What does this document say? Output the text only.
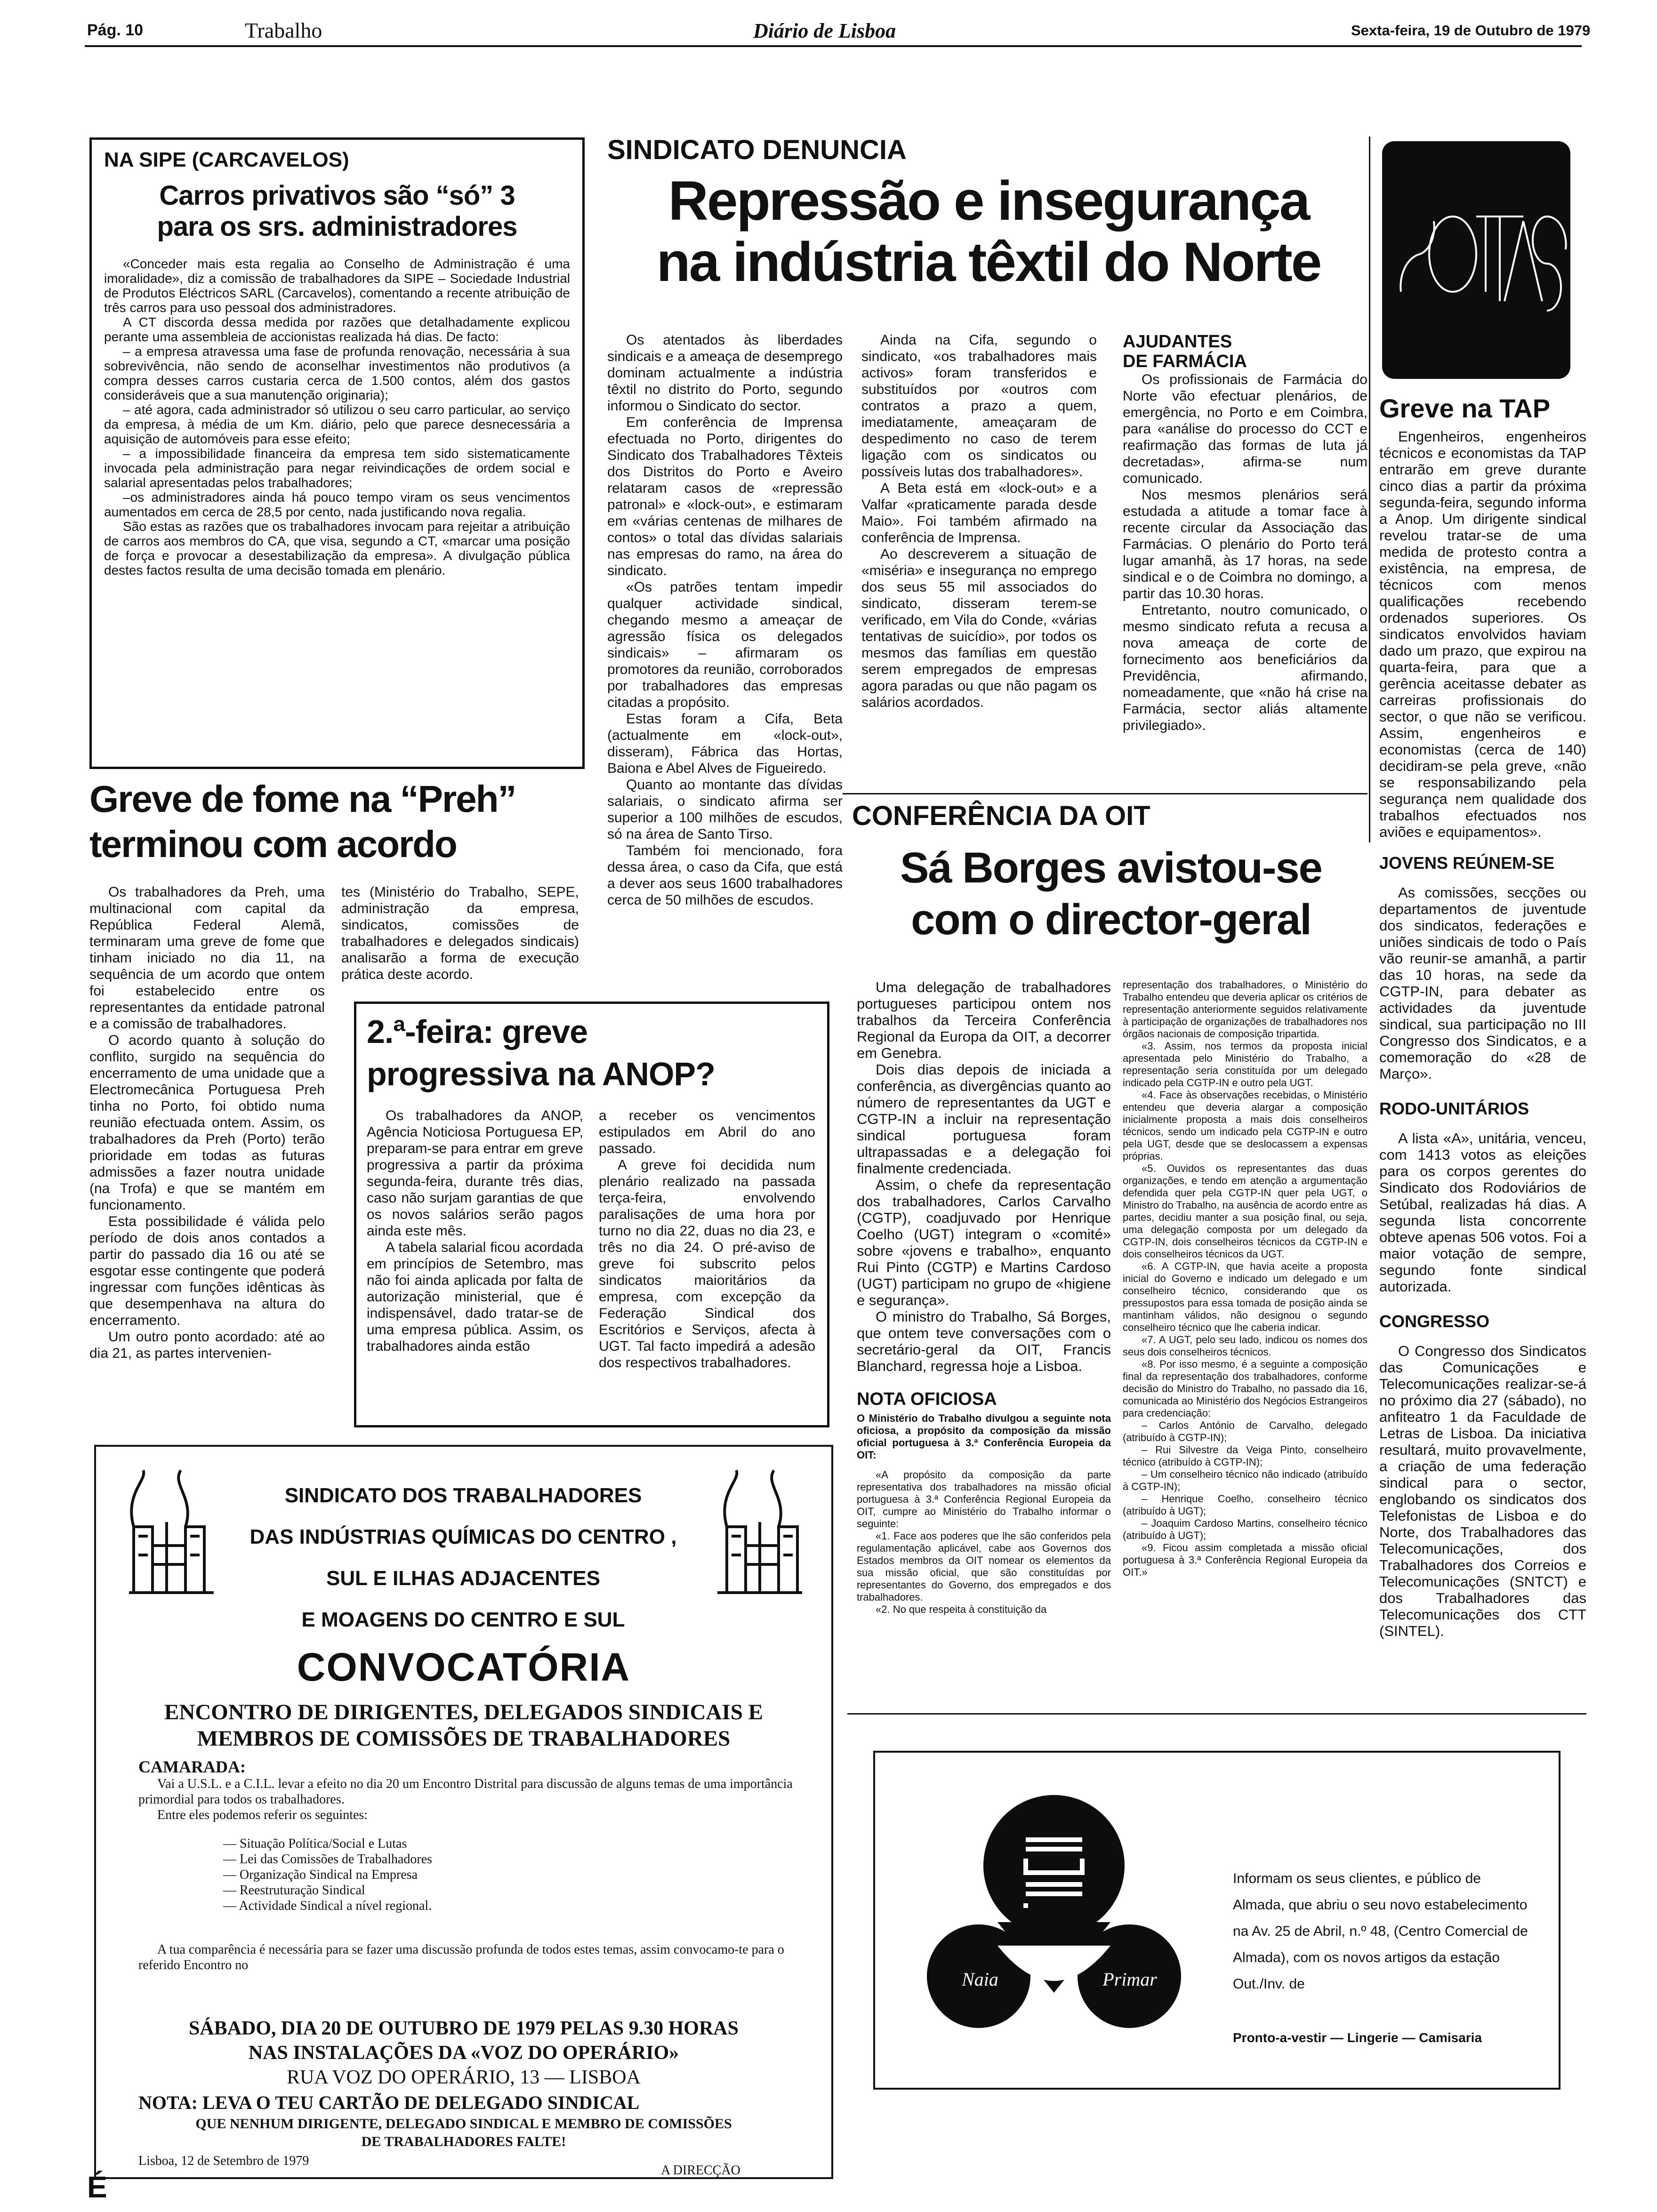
Pág. 10	Trabalho	Diário de Lisboa	Sexta-feira, 19 de Outubro de 1979
NA SIPE (CARCAVELOS)
Carros privativos são “só” 3
para os srs. administradores

«Conceder mais esta regalia ao Conselho de Administração é uma imoralidade», diz a comissão de trabalhadores da SIPE – Sociedade Industrial de Produtos Eléctricos SARL (Carcavelos), comentando a recente atribuição de três carros para uso pessoal dos administradores.

A CT discorda dessa medida por razões que detalhadamente explicou perante uma assembleia de accionistas realizada há dias. De facto:

– a empresa atravessa uma fase de profunda renovação, necessária à sua sobrevivência, não sendo de aconselhar investimentos não produtivos (a compra desses carros custaria cerca de 1.500 contos, além dos gastos consideráveis que a sua manutenção originaria);

– até agora, cada administrador só utilizou o seu carro particular, ao serviço da empresa, à média de um Km. diário, pelo que parece desnecessária a aquisição de automóveis para esse efeito;

– a impossibilidade financeira da empresa tem sido sistematicamente invocada pela administração para negar reivindicações de ordem social e salarial apresentadas pelos trabalhadores;

–os administradores ainda há pouco tempo viram os seus vencimentos aumentados em cerca de 28,5 por cento, nada justificando nova regalia.

São estas as razões que os trabalhadores invocam para rejeitar a atribuição de carros aos membros do CA, que visa, segundo a CT, «marcar uma posição de força e provocar a desestabilização da empresa». A divulgação pública destes factos resulta de uma decisão tomada em plenário.

SINDICATO DENUNCIA
Repressão e insegurança
na indústria têxtil do Norte

Os atentados às liberdades sindicais e a ameaça de desemprego dominam actualmente a indústria têxtil no distrito do Porto, segundo informou o Sindicato do sector.

Em conferência de Imprensa efectuada no Porto, dirigentes do Sindicato dos Trabalhadores Têxteis dos Distritos do Porto e Aveiro relataram casos de «repressão patronal» e «lock-out», e estimaram em «várias centenas de milhares de contos» o total das dívidas salariais nas empresas do ramo, na área do sindicato.

«Os patrões tentam impedir qualquer actividade sindical, chegando mesmo a ameaçar de agressão física os delegados sindicais» – afirmaram os promotores da reunião, corroborados por trabalhadores das empresas citadas a propósito.

Estas foram a Cifa, Beta (actualmente em «lock-out», disseram), Fábrica das Hortas, Baiona e Abel Alves de Figueiredo.

Quanto ao montante das dívidas salariais, o sindicato afirma ser superior a 100 milhões de escudos, só na área de Santo Tirso.

Também foi mencionado, fora dessa área, o caso da Cifa, que está a dever aos seus 1600 trabalhadores cerca de 50 milhões de escudos.

Ainda na Cifa, segundo o sindicato, «os trabalhadores mais activos» foram transferidos e substituídos por «outros com contratos a prazo a quem, imediatamente, ameaçaram de despedimento no caso de terem ligação com os sindicatos ou possíveis lutas dos trabalhadores».

A Beta está em «lock-out» e a Valfar «praticamente parada desde Maio». Foi também afirmado na conferência de Imprensa.

Ao descreverem a situação de «miséria» e insegurança no emprego dos seus 55 mil associados do sindicato, disseram terem-se verificado, em Vila do Conde, «várias tentativas de suicídio», por todos os mesmos das famílias em questão serem empregados de empresas agora paradas ou que não pagam os salários acordados.

AJUDANTES
DE FARMÁCIA

Os profissionais de Farmácia do Norte vão efectuar plenários, de emergência, no Porto e em Coimbra, para «análise do processo do CCT e reafirmação das formas de luta já decretadas», afirma-se num comunicado.

Nos mesmos plenários será estudada a atitude a tomar face à recente circular da Associação das Farmácias. O plenário do Porto terá lugar amanhã, às 17 horas, na sede sindical e o de Coimbra no domingo, a partir das 10.30 horas.

Entretanto, noutro comunicado, o mesmo sindicato refuta a recusa a nova ameaça de corte de fornecimento aos beneficiários da Previdência, afirmando, nomeadamente, que «não há crise na Farmácia, sector aliás altamente privilegiado».

SOLTAS
Greve na TAP

Engenheiros, engenheiros técnicos e economistas da TAP entrarão em greve durante cinco dias a partir da próxima segunda-feira, segundo informa a Anop. Um dirigente sindical revelou tratar-se de uma medida de protesto contra a existência, na empresa, de técnicos com menos qualificações recebendo ordenados superiores. Os sindicatos envolvidos haviam dado um prazo, que expirou na quarta-feira, para que a gerência aceitasse debater as carreiras profissionais do sector, o que não se verificou. Assim, engenheiros e economistas (cerca de 140) decidiram-se pela greve, «não se responsabilizando pela segurança nem qualidade dos trabalhos efectuados nos aviões e equipamentos».

JOVENS REÚNEM-SE

As comissões, secções ou departamentos de juventude dos sindicatos, federações e uniões sindicais de todo o País vão reunir-se amanhã, a partir das 10 horas, na sede da CGTP-IN, para debater as actividades da juventude sindical, sua participação no III Congresso dos Sindicatos, e a comemoração do «28 de Março».

RODO-UNITÁRIOS

A lista «A», unitária, venceu, com 1413 votos as eleições para os corpos gerentes do Sindicato dos Rodoviários de Setúbal, realizadas há dias. A segunda lista concorrente obteve apenas 506 votos. Foi a maior votação de sempre, segundo fonte sindical autorizada.

CONGRESSO

O Congresso dos Sindicatos das Comunicações e Telecomunicações realizar-se-á no próximo dia 27 (sábado), no anfiteatro 1 da Faculdade de Letras de Lisboa. Da iniciativa resultará, muito provavelmente, a criação de uma federação sindical para o sector, englobando os sindicatos dos Telefonistas de Lisboa e do Norte, dos Trabalhadores das Telecomunicações, dos Trabalhadores dos Correios e Telecomunicações (SNTCT) e dos Trabalhadores das Telecomunicações dos CTT (SINTEL).

Greve de fome na “Preh”
terminou com acordo

Os trabalhadores da Preh, uma multinacional com capital da República Federal Alemã, terminaram uma greve de fome que tinham iniciado no dia 11, na sequência de um acordo que ontem foi estabelecido entre os representantes da entidade patronal e a comissão de trabalhadores.

O acordo quanto à solução do conflito, surgido na sequência do encerramento de uma unidade que a Electromecânica Portuguesa Preh tinha no Porto, foi obtido numa reunião efectuada ontem. Assim, os trabalhadores da Preh (Porto) terão prioridade em todas as futuras admissões a fazer noutra unidade (na Trofa) e que se mantém em funcionamento.

Esta possibilidade é válida pelo período de dois anos contados a partir do passado dia 16 ou até se esgotar esse contingente que poderá ingressar com funções idênticas às que desempenhava na altura do encerramento.

Um outro ponto acordado: até ao dia 21, as partes intervenien-

tes (Ministério do Trabalho, SEPE, administração da empresa, sindicatos, comissões de trabalhadores e delegados sindicais) analisarão a forma de execução prática deste acordo.

2.ª-feira: greve
progressiva na ANOP?

Os trabalhadores da ANOP, Agência Noticiosa Portuguesa EP, preparam-se para entrar em greve progressiva a partir da próxima segunda-feira, durante três dias, caso não surjam garantias de que os novos salários serão pagos ainda este mês.

A tabela salarial ficou acordada em princípios de Setembro, mas não foi ainda aplicada por falta de autorização ministerial, que é indispensável, dado tratar-se de uma empresa pública. Assim, os trabalhadores ainda estão

a receber os vencimentos estipulados em Abril do ano passado.

A greve foi decidida num plenário realizado na passada terça-feira, envolvendo paralisações de uma hora por turno no dia 22, duas no dia 23, e três no dia 24. O pré-aviso de greve foi subscrito pelos sindicatos maioritários da empresa, com excepção da Federação Sindical dos Escritórios e Serviços, afecta à UGT. Tal facto impedirá a adesão dos respectivos trabalhadores.

CONFERÊNCIA DA OIT
Sá Borges avistou-se
com o director-geral

Uma delegação de trabalhadores portugueses participou ontem nos trabalhos da Terceira Conferência Regional da Europa da OIT, a decorrer em Genebra.

Dois dias depois de iniciada a conferência, as divergências quanto ao número de representantes da UGT e CGTP-IN a incluir na representação sindical portuguesa foram ultrapassadas e a delegação foi finalmente credenciada.

Assim, o chefe da representação dos trabalhadores, Carlos Carvalho (CGTP), coadjuvado por Henrique Coelho (UGT) integram o «comité» sobre «jovens e trabalho», enquanto Rui Pinto (CGTP) e Martins Cardoso (UGT) participam no grupo de «higiene e segurança».

O ministro do Trabalho, Sá Borges, que ontem teve conversações com o secretário-geral da OIT, Francis Blanchard, regressa hoje a Lisboa.

NOTA OFICIOSA

O Ministério do Trabalho divulgou a seguinte nota oficiosa, a propósito da composição da missão oficial portuguesa à 3.ª Conferência Europeia da OIT:

«A propósito da composição da parte representativa dos trabalhadores na missão oficial portuguesa à 3.ª Conferência Regional Europeia da OIT, cumpre ao Ministério do Trabalho informar o seguinte:

«1. Face aos poderes que lhe são conferidos pela regulamentação aplicável, cabe aos Governos dos Estados membros da OIT nomear os elementos da sua missão oficial, que são constituídas por representantes do Governo, dos empregados e dos trabalhadores.

«2. No que respeita à constituição da

representação dos trabalhadores, o Ministério do Trabalho entendeu que deveria aplicar os critérios de representação anteriormente seguidos relativamente à participação de organizações de trabalhadores nos órgãos nacionais de composição tripartida.

«3. Assim, nos termos da proposta inicial apresentada pelo Ministério do Trabalho, a representação seria constituída por um delegado indicado pela CGTP-IN e outro pela UGT.

«4. Face às observações recebidas, o Ministério entendeu que deveria alargar a composição inicialmente proposta a mais dois conselheiros técnicos, sendo um indicado pela CGTP-IN e outro pela UGT, desde que se deslocassem a expensas próprias.

«5. Ouvidos os representantes das duas organizações, e tendo em atenção a argumentação defendida quer pela CGTP-IN quer pela UGT, o Ministro do Trabalho, na ausência de acordo entre as partes, decidiu manter a sua posição final, ou seja, uma delegação composta por um delegado da CGTP-IN, dois conselheiros técnicos da CGTP-IN e dois conselheiros técnicos da UGT.

«6. A CGTP-IN, que havia aceite a proposta inicial do Governo e indicado um delegado e um conselheiro técnico, considerando que os pressupostos para essa tomada de posição ainda se mantinham válidos, não designou o segundo conselheiro técnico que lhe caberia indicar.

«7. A UGT, pelo seu lado, indicou os nomes dos seus dois conselheiros técnicos.

«8. Por isso mesmo, é a seguinte a composição final da representação dos trabalhadores, conforme decisão do Ministro do Trabalho, no passado dia 16, comunicada ao Ministério dos Negócios Estrangeiros para credenciação:

– Carlos António de Carvalho, delegado (atribuído à CGTP-IN);

– Rui Silvestre da Veiga Pinto, conselheiro técnico (atribuído à CGTP-IN);

– Um conselheiro técnico não indicado (atribuído à CGTP-IN);

– Henrique Coelho, conselheiro técnico (atribuído à UGT);

– Joaquim Cardoso Martins, conselheiro técnico (atribuído à UGT);

«9. Ficou assim completada a missão oficial portuguesa à 3.ª Conferência Regional Europeia da OIT.»

SINDICATO DOS TRABALHADORES
DAS INDÚSTRIAS QUÍMICAS DO CENTRO ,
SUL E ILHAS ADJACENTES
E MOAGENS DO CENTRO E SUL
CONVOCATÓRIA
ENCONTRO DE DIRIGENTES, DELEGADOS SINDICAIS E
MEMBROS DE COMISSÕES DE TRABALHADORES
CAMARADA:

Vai a U.S.L. e a C.I.L. levar a efeito no dia 20 um Encontro Distrital para discussão de alguns temas de uma importância primordial para todos os trabalhadores.

Entre eles podemos referir os seguintes:

— Situação Política/Social e Lutas
— Lei das Comissões de Trabalhadores
— Organização Sindical na Empresa
— Reestruturação Sindical
— Actividade Sindical a nível regional.

A tua comparência é necessária para se fazer uma discussão profunda de todos estes temas, assim convocamo-te para o referido Encontro no

SÁBADO, DIA 20 DE OUTUBRO DE 1979 PELAS 9.30 HORAS
NAS INSTALAÇÕES DA «VOZ DO OPERÁRIO»
RUA VOZ DO OPERÁRIO, 13 — LISBOA
NOTA: LEVA O TEU CARTÃO DE DELEGADO SINDICAL
QUE NENHUM DIRIGENTE, DELEGADO SINDICAL E MEMBRO DE COMISSÕES
DE TRABALHADORES FALTE!
Lisboa, 12 de Setembro de 1979
A DIRECÇÃO
Naia	Primar

Informam os seus clientes, e público de Almada, que abriu o seu novo estabelecimento na Av. 25 de Abril, n.º 48, (Centro Comercial de Almada), com os novos artigos da estação Out./Inv. de

Pronto-a-vestir — Lingerie — Camisaria
É
